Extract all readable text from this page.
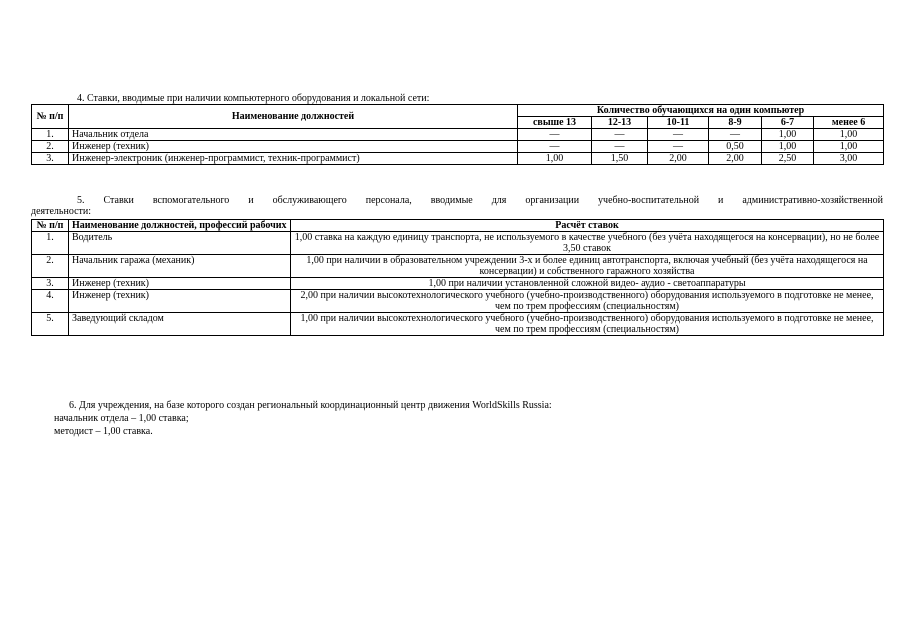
4. Ставки, вводимые при наличии компьютерного оборудования и локальной сети:
№ п/п	Наименование должностей	Количество обучающихся на один компьютер					
		свыше 13	12-13	10-11	8-9	6-7	менее 6
1.	Начальник отдела	—	—	—	—	1,00	1,00
2.	Инженер (техник)	—	—	—	0,50	1,00	1,00
3.	Инженер-электроник (инженер-программист, техник-программист)	1,00	1,50	2,00	2,00	2,50	3,00
5. Ставки вспомогательного и обслуживающего персонала, вводимые для организации учебно-воспитательной и административно-хозяйственной
деятельности:
№ п/п	Наименование должностей, профессий рабочих	Расчёт ставок
1.	Водитель	1,00 ставка на каждую единицу транспорта, не используемого в качестве учебного (без учёта находящегося на консервации), но не более 3,50 ставок
2.	Начальник гаража (механик)	1,00 при наличии в образовательном учреждении 3-х и более единиц автотранспорта, включая учебный (без учёта находящегося на консервации) и собственного гаражного хозяйства
3.	Инженер (техник)	1,00 при наличии установленной сложной видео- аудио - светоаппаратуры
4.	Инженер (техник)	2,00 при наличии высокотехнологического учебного (учебно-производственного) оборудования используемого в подготовке не менее, чем по трем профессиям (специальностям)
5.	Заведующий складом	1,00 при наличии высокотехнологического учебного (учебно-производственного) оборудования используемого в подготовке не менее, чем по трем профессиям (специальностям)
6. Для учреждения, на базе которого создан региональный координационный центр движения WorldSkills Russia:
начальник отдела – 1,00 ставка;
методист – 1,00 ставка.
